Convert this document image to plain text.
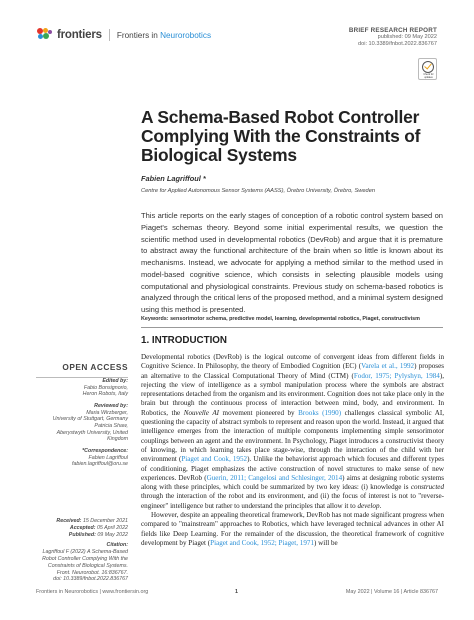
frontiers Frontiers in Neurorobotics	BRIEF RESEARCH REPORT
published: 09 May 2022
doi: 10.3389/fnbot.2022.836767
Check for updates
A Schema-Based Robot Controller Complying With the Constraints of Biological Systems
Fabien Lagriffoul *
Centre for Applied Autonomous Sensor Systems (AASS), Örebro University, Örebro, Sweden
This article reports on the early stages of conception of a robotic control system based on Piaget's schemas theory. Beyond some initial experimental results, we question the scientific method used in developmental robotics (DevRob) and argue that it is premature to abstract away the functional architecture of the brain when so little is known about its mechanisms. Instead, we advocate for applying a method similar to the method used in model-based cognitive science, which consists in selecting plausible models using computational and physiological constraints. Previous study on schema-based robotics is analyzed through the critical lens of the proposed method, and a minimal system designed using this method is presented.
Keywords: sensorimotor schema, predictive model, learning, developmental robotics, Piaget, constructivism
1. INTRODUCTION

Developmental robotics (DevRob) is the logical outcome of convergent ideas from different fields in Cognitive Science. In Philosophy, the theory of Embodied Cognition (EC) (Varela et al., 1992) proposes an alternative to the Classical Computational Theory of Mind (CTM) (Fodor, 1975; Pylyshyn, 1984), rejecting the view of intelligence as a symbol manipulation process where the symbols are abstract representations detached from the organism and its environment. Cognition does not take place only in the brain but through the continuous process of interaction between mind, body, and environment. In Robotics, the Nouvelle AI movement pioneered by Brooks (1990) challenges classical symbolic AI, questioning the capacity of abstract symbols to represent and reason upon the world. Instead, it argued that intelligence emerges from the interaction of multiple components implementing simple sensorimotor couplings between an agent and the environment. In Psychology, Piaget introduces a constructivist theory of knowing, in which learning takes place stage-wise, through the interaction of the child with her environment (Piaget and Cook, 1952). Unlike the behaviorist approach which focuses and different types of conditioning, Piaget emphasizes the active construction of novel structures to make sense of new experiences. DevRob (Guerin, 2011; Cangelosi and Schlesinger, 2014) aims at designing robotic systems along with these principles, which could be summarized by two key ideas: (i) knowledge is constructed through the interaction of the robot and its environment, and (ii) the focus of interest is not to "reverse-engineer" intelligence but rather to understand the principles that allow it to develop.

However, despite an appealing theoretical framework, DevRob has not made significant progress when compared to "mainstream" approaches to Robotics, which have leveraged technical advances in other AI fields like Deep Learning. For the remainder of the discussion, the theoretical framework of cognitive development by Piaget (Piaget and Cook, 1952; Piaget, 1971) will be

OPEN ACCESS
Edited by:
Fabio Bonsignorio,
Heron Robots, Italy
Reviewed by:
Maria Wirzberger,
University of Stuttgart, Germany
Patricia Shaw,
Aberystwyth University, United
Kingdom
*Correspondence:
Fabien Lagriffoul
fabien.lagriffoul@oru.se
Received: 15 December 2021
Accepted: 05 April 2022
Published: 09 May 2022
Citation:
Lagriffoul F (2022) A Schema-Based
Robot Controller Complying With the
Constraints of Biological Systems.
Front. Neurorobot. 16:836767.
doi: 10.3389/fnbot.2022.836767
Frontiers in Neurorobotics | www.frontiersin.org	1	May 2022 | Volume 16 | Article 836767
